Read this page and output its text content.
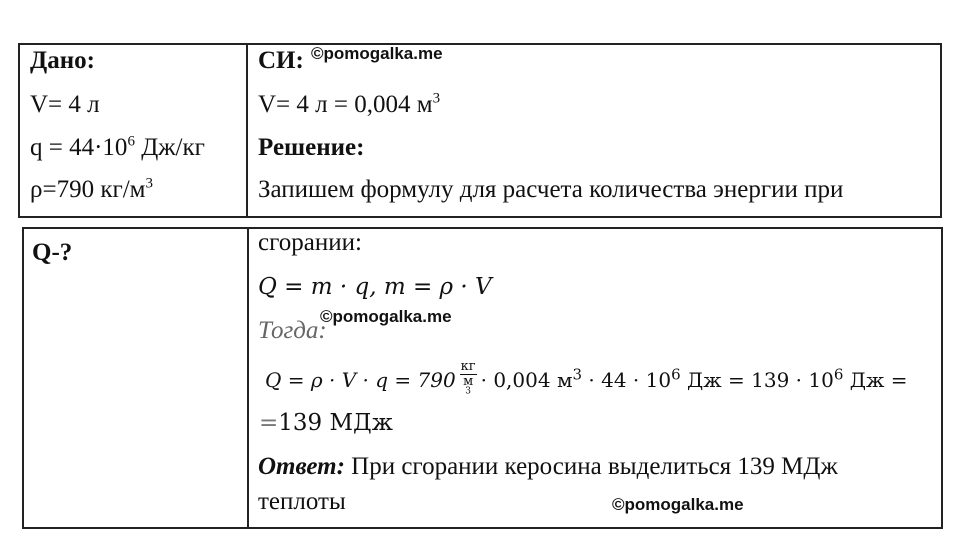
Дано:
V= 4 л
$q = 44\cdot 10^6$ Дж/кг
ρ=790 $кг/м^3$
Q-?
СИ: ©pomogalka.me
V= 4 л = 0,004 $м^3$
Решение:
Запишем формулу для расчета количества энергии при
сгорании:
Q = m · q, m = ρ · V
Тогда:
©pomogalka.me
Q = ρ · V · q = 790 кг
м
$^3$ · 0,004 $м^3 \cdot 44 \cdot 10^6$ Дж = $139 \cdot 10^6$ Дж =
=139 МДж
Ответ: При сгорании керосина выделиться 139 МДж
теплоты	©pomogalka.me
